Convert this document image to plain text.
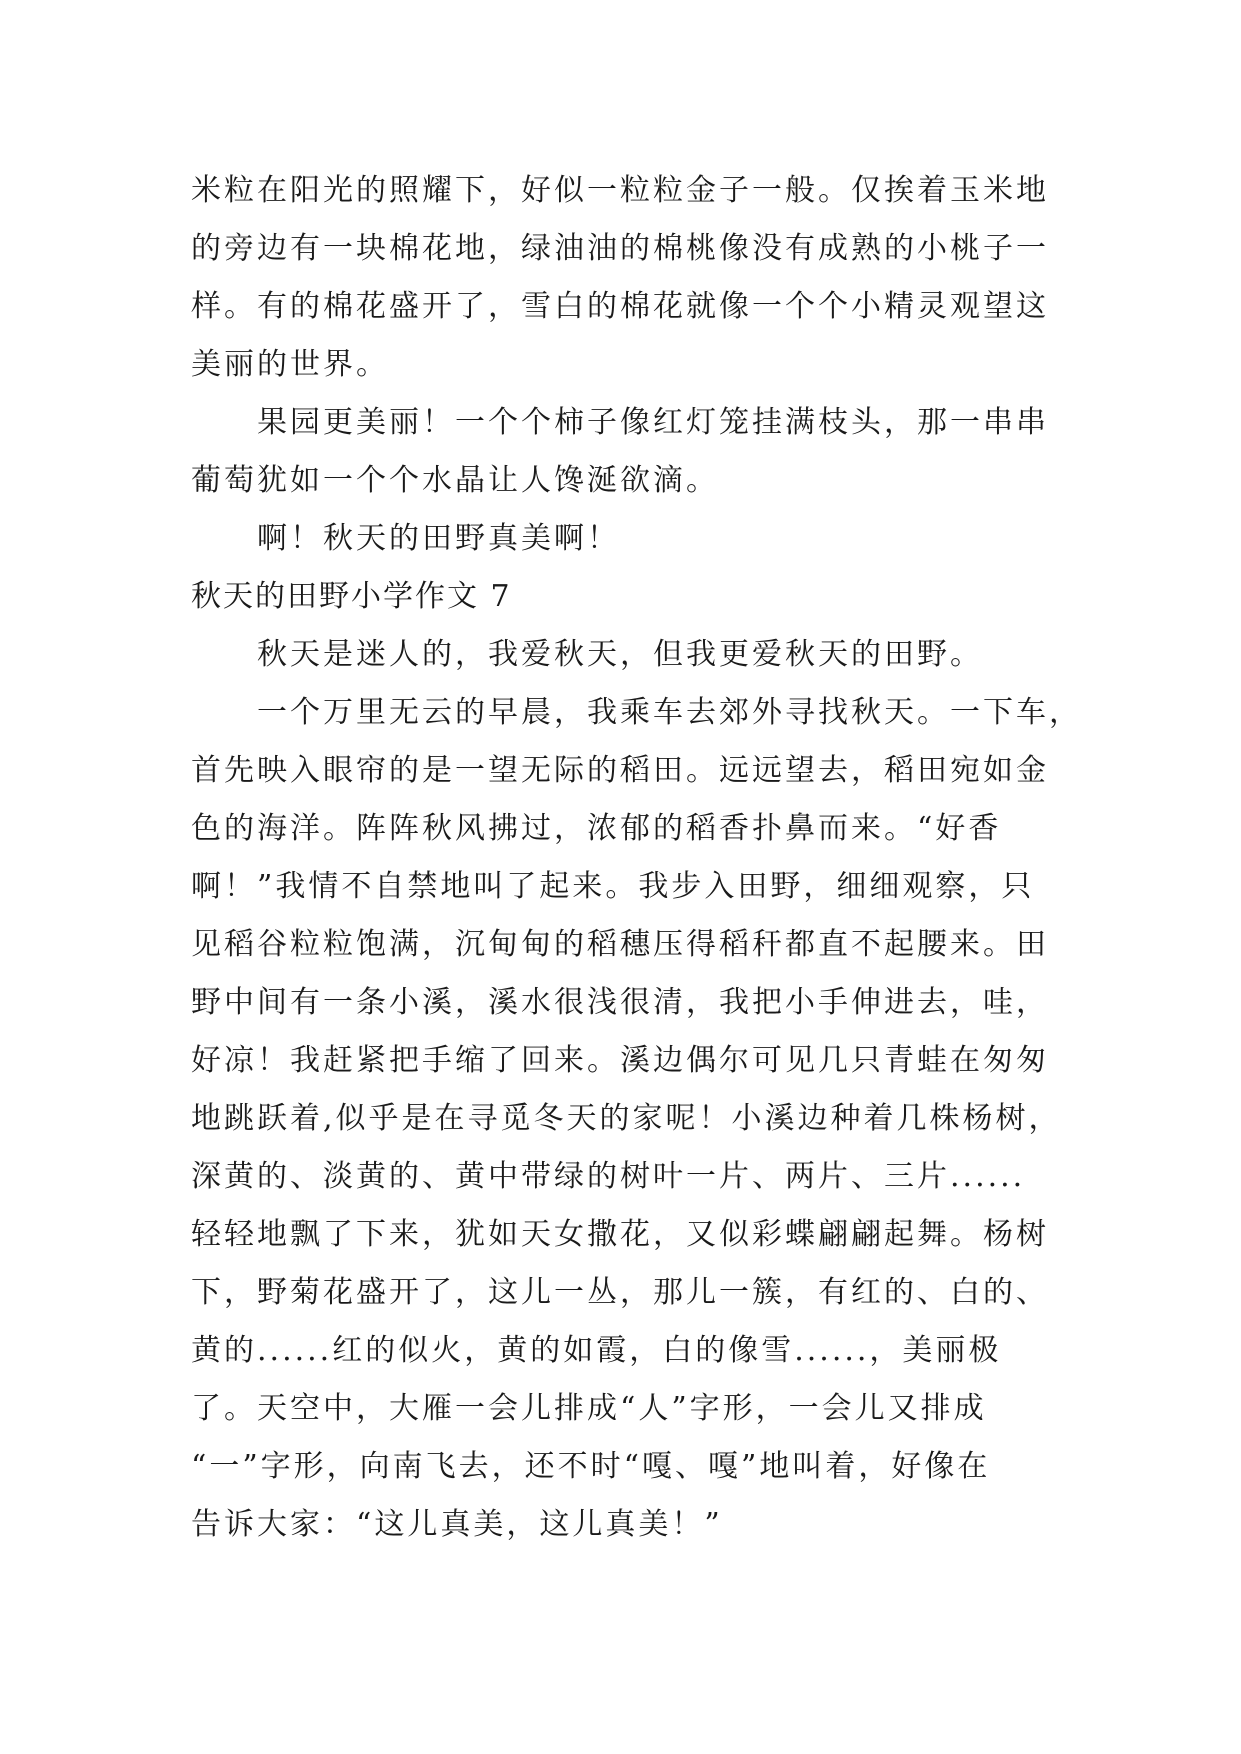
米粒在阳光的照耀下，好似一粒粒金子一般。仅挨着玉米地
的旁边有一块棉花地，绿油油的棉桃像没有成熟的小桃子一
样。有的棉花盛开了，雪白的棉花就像一个个小精灵观望这
美丽的世界。
果园更美丽！一个个柿子像红灯笼挂满枝头，那一串串
葡萄犹如一个个水晶让人馋涎欲滴。
啊！秋天的田野真美啊！
秋天的田野小学作文 7
秋天是迷人的，我爱秋天，但我更爱秋天的田野。
一个万里无云的早晨，我乘车去郊外寻找秋天。一下车，
首先映入眼帘的是一望无际的稻田。远远望去，稻田宛如金
色的海洋。阵阵秋风拂过，浓郁的稻香扑鼻而来。“好香
啊！”我情不自禁地叫了起来。我步入田野，细细观察，只
见稻谷粒粒饱满，沉甸甸的稻穗压得稻秆都直不起腰来。田
野中间有一条小溪，溪水很浅很清，我把小手伸进去，哇，
好凉！我赶紧把手缩了回来。溪边偶尔可见几只青蛙在匆匆
地跳跃着,似乎是在寻觅冬天的家呢！小溪边种着几株杨树，
深黄的、淡黄的、黄中带绿的树叶一片、两片、三片......
轻轻地飘了下来，犹如天女撒花，又似彩蝶翩翩起舞。杨树
下，野菊花盛开了，这儿一丛，那儿一簇，有红的、白的、
黄的......红的似火，黄的如霞，白的像雪......，美丽极
了。天空中，大雁一会儿排成“人”字形，一会儿又排成
“一”字形，向南飞去，还不时“嘎、嘎”地叫着，好像在
告诉大家：“这儿真美，这儿真美！”
